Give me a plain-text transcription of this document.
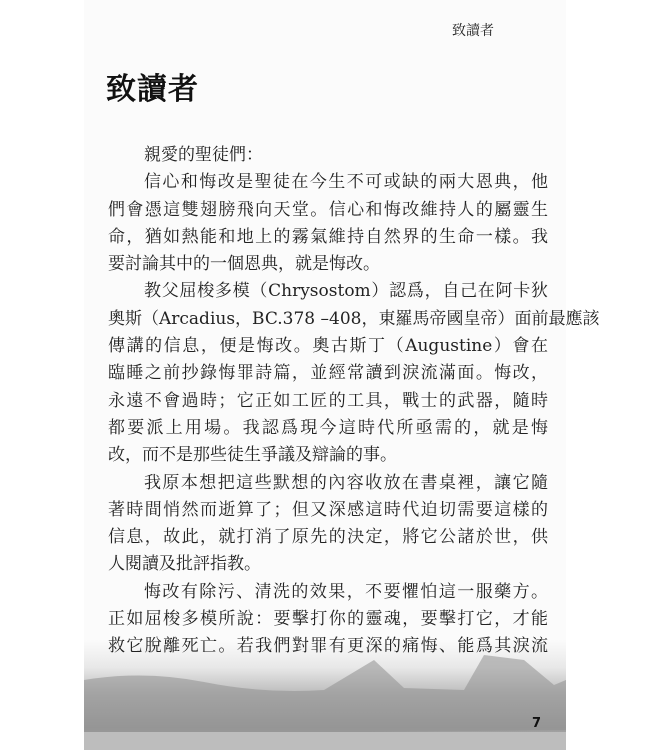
致讀者
致讀者
親愛的聖徒們：
信心和悔改是聖徒在今生不可或缺的兩大恩典，他
們會憑這雙翅膀飛向天堂。信心和悔改維持人的屬靈生
命，猶如熱能和地上的霧氣維持自然界的生命一樣。我
要討論其中的一個恩典，就是悔改。
教父屈梭多模（Chrysostom）認爲，自己在阿卡狄
奧斯（Arcadius，BC.378 –408，東羅馬帝國皇帝）面前最應該
傳講的信息，便是悔改。奧古斯丁（Augustine）會在
臨睡之前抄錄悔罪詩篇，並經常讀到淚流滿面。悔改，
永遠不會過時；它正如工匠的工具，戰士的武器，隨時
都要派上用場。我認爲現今這時代所亟需的，就是悔
改，而不是那些徒生爭議及辯論的事。
我原本想把這些默想的內容收放在書桌裡，讓它隨
著時間悄然而逝算了；但又深感這時代迫切需要這樣的
信息，故此，就打消了原先的決定，將它公諸於世，供
人閱讀及批評指教。
悔改有除污、清洗的效果，不要懼怕這一服藥方。
正如屈梭多模所說：要擊打你的靈魂，要擊打它，才能
救它脫離死亡。若我們對罪有更深的痛悔、能爲其淚流
7
